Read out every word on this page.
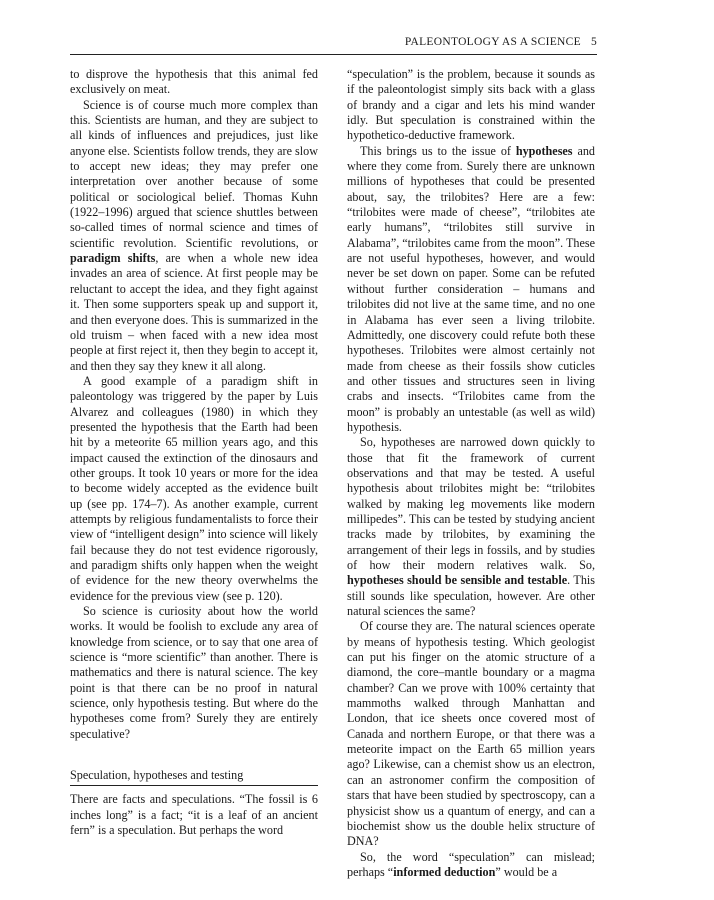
PALEONTOLOGY AS A SCIENCE 5

to disprove the hypothesis that this animal fed exclusively on meat.

Science is of course much more complex than this. Scientists are human, and they are subject to all kinds of influences and prejudices, just like anyone else. Scientists follow trends, they are slow to accept new ideas; they may prefer one interpretation over another because of some political or sociological belief. Thomas Kuhn (1922–1996) argued that science shuttles between so-called times of normal science and times of scientific revolution. Scientific revolutions, or paradigm shifts, are when a whole new idea invades an area of science. At first people may be reluctant to accept the idea, and they fight against it. Then some supporters speak up and support it, and then everyone does. This is summarized in the old truism – when faced with a new idea most people at first reject it, then they begin to accept it, and then they say they knew it all along.

A good example of a paradigm shift in paleontology was triggered by the paper by Luis Alvarez and colleagues (1980) in which they presented the hypothesis that the Earth had been hit by a meteorite 65 million years ago, and this impact caused the extinction of the dinosaurs and other groups. It took 10 years or more for the idea to become widely accepted as the evidence built up (see pp. 174–7). As another example, current attempts by religious fundamentalists to force their view of “intelligent design” into science will likely fail because they do not test evidence rigorously, and paradigm shifts only happen when the weight of evidence for the new theory overwhelms the evidence for the previous view (see p. 120).

So science is curiosity about how the world works. It would be foolish to exclude any area of knowledge from science, or to say that one area of science is “more scientific” than another. There is mathematics and there is natural science. The key point is that there can be no proof in natural science, only hypothesis testing. But where do the hypotheses come from? Surely they are entirely speculative?

Speculation, hypotheses and testing

There are facts and speculations. “The fossil is 6 inches long” is a fact; “it is a leaf of an ancient fern” is a speculation. But perhaps the word

“speculation” is the problem, because it sounds as if the paleontologist simply sits back with a glass of brandy and a cigar and lets his mind wander idly. But speculation is constrained within the hypothetico-deductive framework.

This brings us to the issue of hypotheses and where they come from. Surely there are unknown millions of hypotheses that could be presented about, say, the trilobites? Here are a few: “trilobites were made of cheese”, “trilobites ate early humans”, “trilobites still survive in Alabama”, “trilobites came from the moon”. These are not useful hypotheses, however, and would never be set down on paper. Some can be refuted without further consideration – humans and trilobites did not live at the same time, and no one in Alabama has ever seen a living trilobite. Admittedly, one discovery could refute both these hypotheses. Trilobites were almost certainly not made from cheese as their fossils show cuticles and other tissues and structures seen in living crabs and insects. “Trilobites came from the moon” is probably an untestable (as well as wild) hypothesis.

So, hypotheses are narrowed down quickly to those that fit the framework of current observations and that may be tested. A useful hypothesis about trilobites might be: “trilobites walked by making leg movements like modern millipedes”. This can be tested by studying ancient tracks made by trilobites, by examining the arrangement of their legs in fossils, and by studies of how their modern relatives walk. So, hypotheses should be sensible and testable. This still sounds like speculation, however. Are other natural sciences the same?

Of course they are. The natural sciences operate by means of hypothesis testing. Which geologist can put his finger on the atomic structure of a diamond, the core–mantle boundary or a magma chamber? Can we prove with 100% certainty that mammoths walked through Manhattan and London, that ice sheets once covered most of Canada and northern Europe, or that there was a meteorite impact on the Earth 65 million years ago? Likewise, can a chemist show us an electron, can an astronomer confirm the composition of stars that have been studied by spectroscopy, can a physicist show us a quantum of energy, and can a biochemist show us the double helix structure of DNA?

So, the word “speculation” can mislead; perhaps “informed deduction” would be a
